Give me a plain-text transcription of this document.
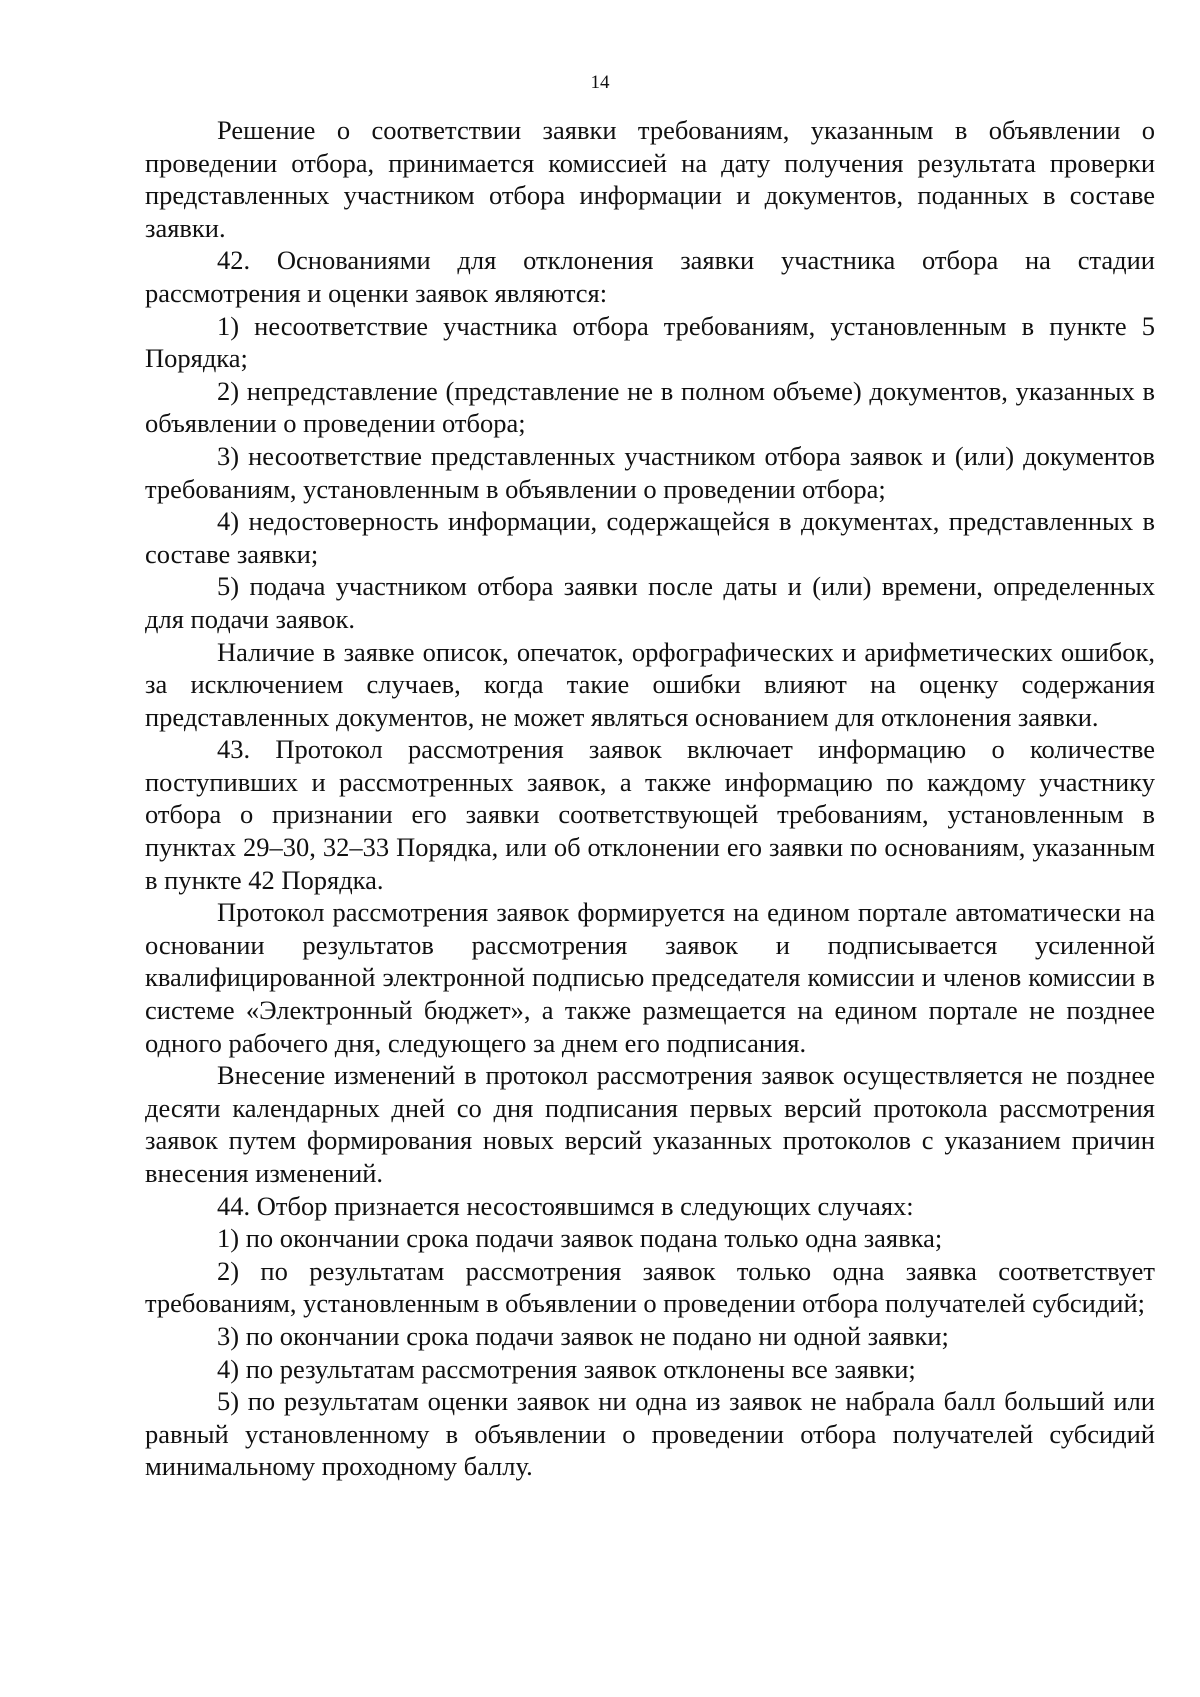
14

Решение о соответствии заявки требованиям, указанным в объявлении о проведении отбора, принимается комиссией на дату получения результата проверки представленных участником отбора информации и документов, поданных в составе заявки.

42. Основаниями для отклонения заявки участника отбора на стадии рассмотрения и оценки заявок являются:

1) несоответствие участника отбора требованиям, установленным в пункте 5 Порядка;

2) непредставление (представление не в полном объеме) документов, указанных в объявлении о проведении отбора;

3) несоответствие представленных участником отбора заявок и (или) документов требованиям, установленным в объявлении о проведении отбора;

4) недостоверность информации, содержащейся в документах, представленных в составе заявки;

5) подача участником отбора заявки после даты и (или) времени, определенных для подачи заявок.

Наличие в заявке описок, опечаток, орфографических и арифметических ошибок, за исключением случаев, когда такие ошибки влияют на оценку содержания представленных документов, не может являться основанием для отклонения заявки.

43. Протокол рассмотрения заявок включает информацию о количестве поступивших и рассмотренных заявок, а также информацию по каждому участнику отбора о признании его заявки соответствующей требованиям, установленным в пунктах 29–30, 32–33 Порядка, или об отклонении его заявки по основаниям, указанным в пункте 42 Порядка.

Протокол рассмотрения заявок формируется на едином портале автоматически на основании результатов рассмотрения заявок и подписывается усиленной квалифицированной электронной подписью председателя комиссии и членов комиссии в системе «Электронный бюджет», а также размещается на едином портале не позднее одного рабочего дня, следующего за днем его подписания.

Внесение изменений в протокол рассмотрения заявок осуществляется не позднее десяти календарных дней со дня подписания первых версий протокола рассмотрения заявок путем формирования новых версий указанных протоколов с указанием причин внесения изменений.

44. Отбор признается несостоявшимся в следующих случаях:

1) по окончании срока подачи заявок подана только одна заявка;

2) по результатам рассмотрения заявок только одна заявка соответствует требованиям, установленным в объявлении о проведении отбора получателей субсидий;

3) по окончании срока подачи заявок не подано ни одной заявки;

4) по результатам рассмотрения заявок отклонены все заявки;

5) по результатам оценки заявок ни одна из заявок не набрала балл больший или равный установленному в объявлении о проведении отбора получателей субсидий минимальному проходному баллу.
